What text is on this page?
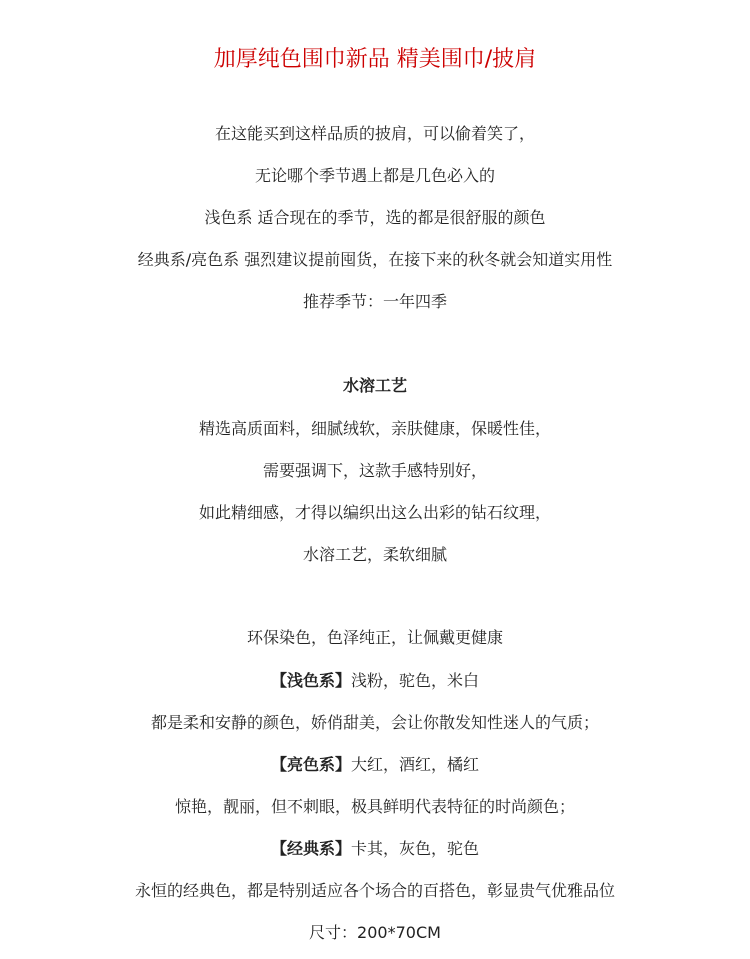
加厚纯色围巾新品 精美围巾/披肩
在这能买到这样品质的披肩，可以偷着笑了，
无论哪个季节遇上都是几色必入的
浅色系 适合现在的季节，选的都是很舒服的颜色
经典系/亮色系 强烈建议提前囤货，在接下来的秋冬就会知道实用性
推荐季节：一年四季
水溶工艺
精选高质面料，细腻绒软，亲肤健康，保暖性佳，
需要强调下，这款手感特别好，
如此精细感，才得以编织出这么出彩的钻石纹理，
水溶工艺，柔软细腻
环保染色，色泽纯正，让佩戴更健康
【浅色系】浅粉，驼色，米白
都是柔和安静的颜色，娇俏甜美，会让你散发知性迷人的气质；
【亮色系】大红，酒红，橘红
惊艳，靓丽，但不刺眼，极具鲜明代表特征的时尚颜色；
【经典系】卡其，灰色，驼色
永恒的经典色，都是特别适应各个场合的百搭色，彰显贵气优雅品位
尺寸：200*70CM
